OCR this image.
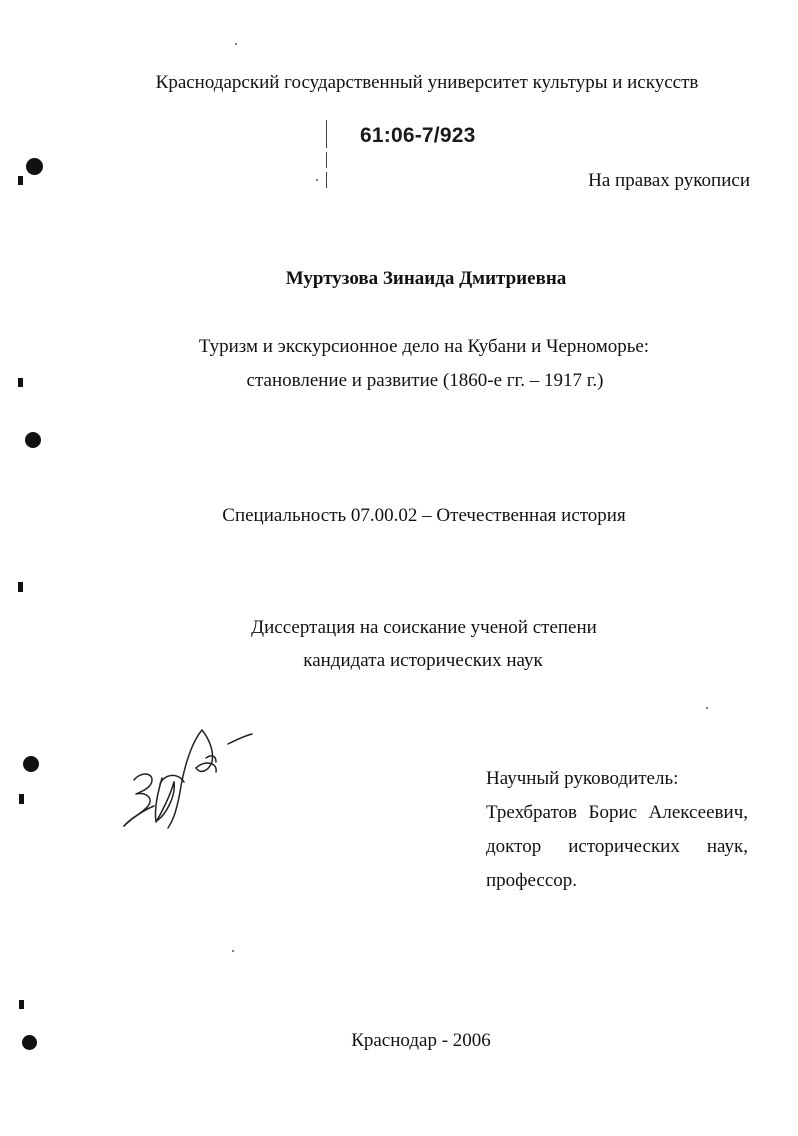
Краснодарский государственный университет культуры и искусств
61:06-7/923
На правах рукописи
Муртузова Зинаида Дмитриевна
Туризм и экскурсионное дело на Кубани и Черноморье:
становление и развитие (1860-е гг. – 1917 г.)
Специальность 07.00.02 – Отечественная история
Диссертация на соискание ученой степени
кандидата исторических наук
Научный руководитель:
Трехбратов Борис Алексеевич,
доктор исторических наук,
профессор.
Краснодар - 2006
